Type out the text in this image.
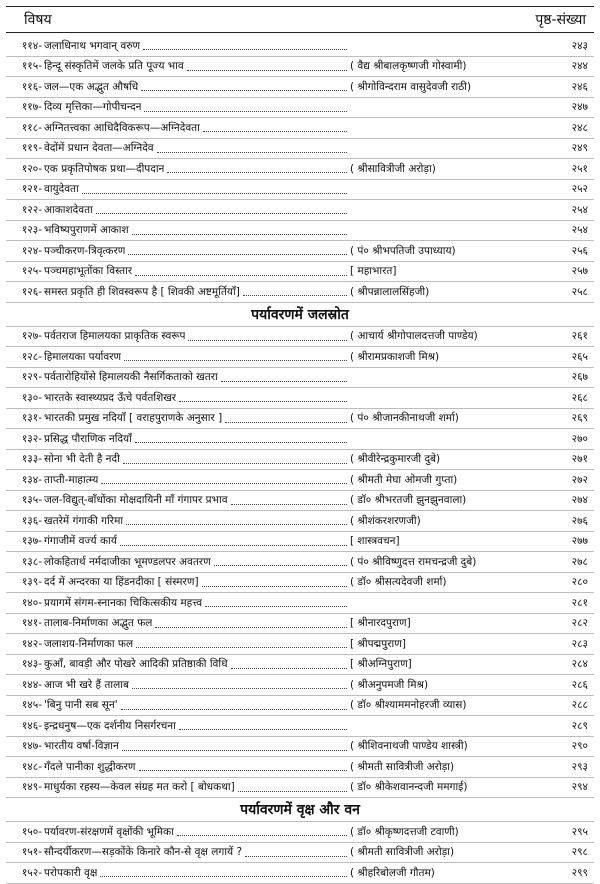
विषय	पृष्ठ-संख्या
११४- जलाधिनाथ भगवान् वरुण	२४३
११५- हिन्दू संस्कृतिमें जलके प्रति पूज्य भाव	( वैद्य श्रीबालकृष्णजी गोस्वामी)	२४४
११६- जल—एक अद्भुत औषधि	( श्रीगोविन्दराम वासुदेवजी राठी)	२४६
११७- दिव्य मृत्तिका—गोपीचन्दन	२४७
११८- अग्नितत्त्वका आधिदैविकरूप—अग्निदेवता	२४८
११९- वेदोंमें प्रधान देवता—अग्निदेव	२४९
१२०- एक प्रकृतिपोषक प्रथा—दीपदान	( श्रीसावित्रीजी अरोड़ा)	२५१
१२१- वायुदेवता	२५२
१२२- आकाशदेवता	२५४
१२३- भविष्यपुराणमें आकाश	२५४
१२४- पञ्चीकरण-त्रिवृत्करण	( पं० श्रीभपतिजी उपाध्याय)	२५६
१२५- पञ्चमहाभूतोंका विस्तार	[ महाभारत]	२५७
१२६- समस्त प्रकृति ही शिवस्वरूप है [ शिवकी अष्टमूर्तियाँ]	( श्रीपन्नालालसिंहजी)	२५८
पर्यावरणमें जलस्रोत
१२७- पर्वतराज हिमालयका प्राकृतिक स्वरूप	( आचार्य श्रीगोपालदत्तजी पाण्डेय)	२६१
१२८- हिमालयका पर्यावरण	( श्रीरामप्रकाशजी मिश्र)	२६५
१२९- पर्वतारोहियोंसे हिमालयकी नैसर्गिकताको खतरा	२६७
१३०- भारतके स्वास्थ्यप्रद ऊँचे पर्वतशिखर	२६८
१३१- भारतकी प्रमुख नदियाँ [ वराहपुराणके अनुसार ]	( पं० श्रीजानकीनाथजी शर्मा)	२६९
१३२- प्रसिद्ध पौराणिक नदियाँ	२७०
१३३- सोना भी देती है नदी	( श्रीवीरेन्द्रकुमारजी दुबे)	२७१
१३४- ताप्ती-माहात्म्य	( श्रीमती मेघा ओमजी गुप्ता)	२७२
१३५- जल-विद्युत्-बाँधोंका मोक्षदायिनी माँ गंगापर प्रभाव	( डॉ० श्रीभरतजी झुनझुनवाला)	२७४
१३६- खतरेमें गंगाकी गरिमा	( श्रीशंकरशरणजी)	२७६
१३७- गंगाजीमें वर्ज्य कार्य	[ शास्त्रवचन]	२७७
१३८- लोकहितार्थ नर्मदाजीका भूमण्डलपर अवतरण	( पं० श्रीविष्णुदत्त रामचन्द्रजी दुबे)	२७८
१३९- दर्द में अन्दरका या हिंडनदीका [ संस्मरण]	( डॉ० श्रीसत्यदेवजी शर्मा)	२८०
१४०- प्रयागमें संगम-स्नानका चिकित्सकीय महत्त्व	२८१
१४१- तालाब-निर्माणका अद्भुत फल	[ श्रीनारदपुराण]	२८२
१४२- जलाशय-निर्माणका फल	[ श्रीपद्मपुराण]	२८३
१४३- कुआँ, बावड़ी और पोखरे आदिकी प्रतिष्ठाकी विधि	[ श्रीअग्निपुराण]	२८४
१४४- आज भी खरे हैं तालाब	( श्रीअनुपमजी मिश्र)	२८६
१४५- 'बिनु पानी सब सून'	( डॉ० श्रीश्याममनोहरजी व्यास)	२८८
१४६- इन्द्रधनुष—एक दर्शनीय निसर्गरचना	२८९
१४७- भारतीय वर्षा-विज्ञान	( श्रीशिवनाथजी पाण्डेय शास्त्री)	२९०
१४८- गँदले पानीका शुद्धीकरण	( श्रीमती सावित्रीजी अरोड़ा)	२९३
१४९- माधुर्यका रहस्य—केवल संग्रह मत करो [ बोधकथा]	( डॉ० श्रीकेशवानन्दजी ममगाई)	२९४
पर्यावरणमें वृक्ष और वन
१५०- पर्यावरण-संरक्षणमें वृक्षोंकी भूमिका	( डॉ० श्रीकृष्णदत्तजी टवाणी)	२९५
१५१- सौन्दर्यीकरण—सड़कोंके किनारे कौन-से वृक्ष लगायें ?	( श्रीमती सावित्रीजी अरोड़ा)	२९८
१५२- परोपकारी वृक्ष	( श्रीहरिबोलजी गौतम)	२९९
